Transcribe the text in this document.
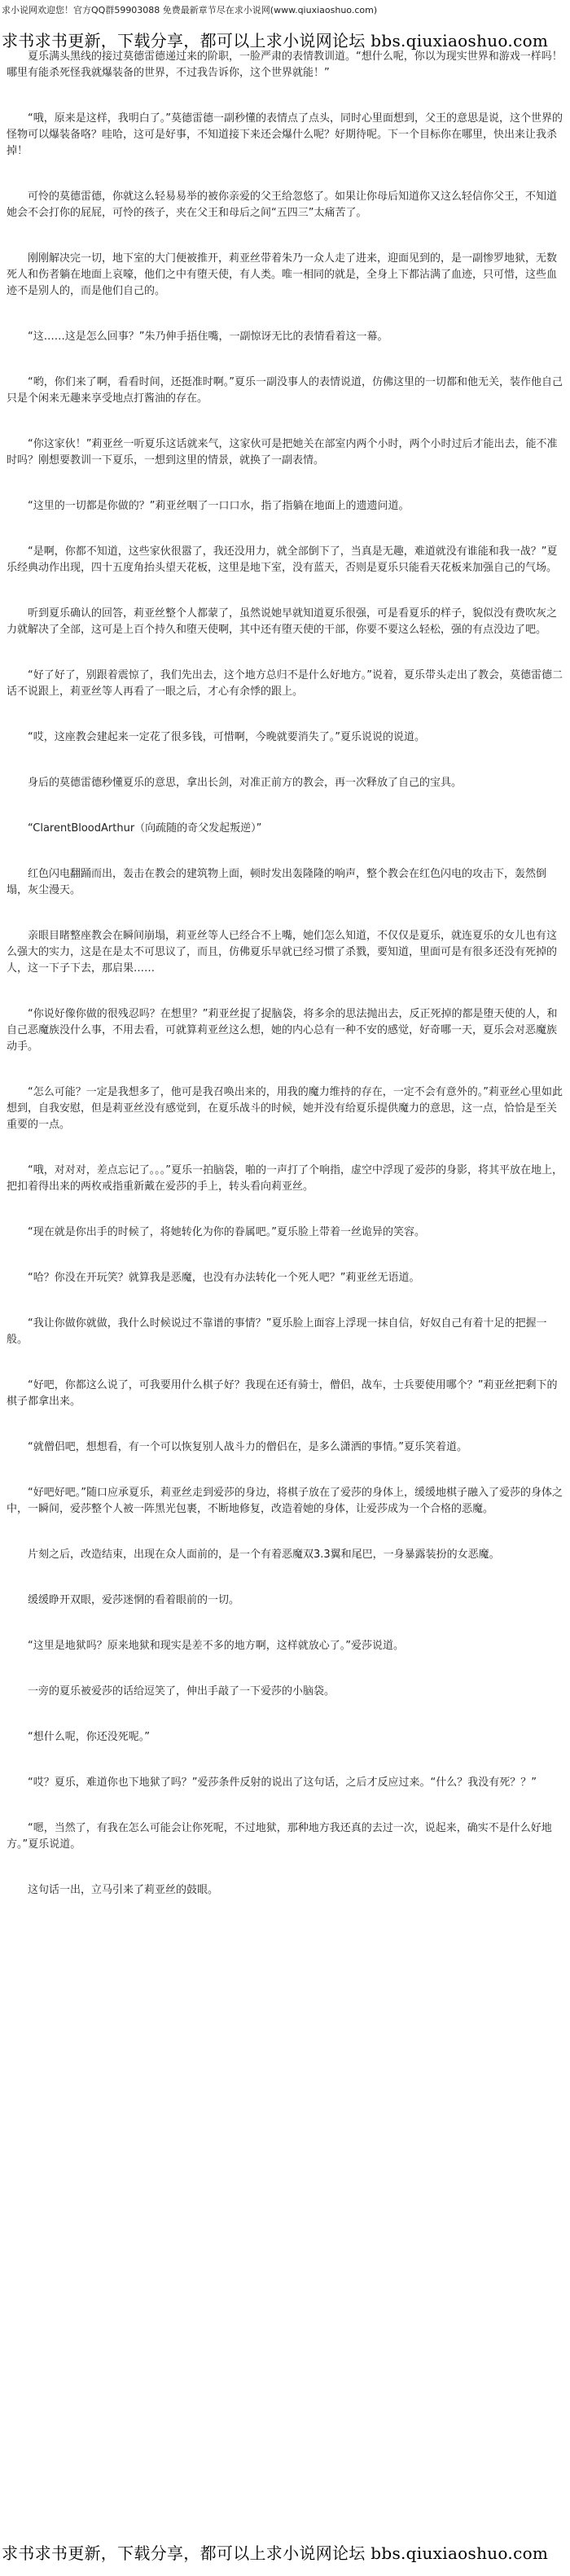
求小说网欢迎您！官方QQ群59903088 免费最新章节尽在求小说网(www.qiuxiaoshuo.com)
求书求书更新，下载分享，都可以上求小说网论坛 bbs.qiuxiaoshuo.com

夏乐满头黑线的接过莫德雷德递过来的阶职，一脸严肃的表情教训道。“想什么呢，你以为现实世界和游戏一样吗！哪里有能杀死怪我就爆装备的世界，不过我告诉你，这个世界就能！”

“哦，原来是这样，我明白了。”莫德雷德一副秒懂的表情点了点头，同时心里面想到，父王的意思是说，这个世界的怪物可以爆装备咯？哇哈，这可是好事，不知道接下来还会爆什么呢？好期待呢。下一个目标你在哪里，快出来让我杀掉！

可怜的莫德雷德，你就这么轻易易举的被你亲爱的父王给忽悠了。如果让你母后知道你又这么轻信你父王，不知道她会不会打你的屁屁，可怜的孩子，夹在父王和母后之间“五四三”太痛苦了。

刚刚解决完一切，地下室的大门便被推开，莉亚丝带着朱乃一众人走了进来，迎面见到的，是一副惨罗地狱，无数死人和伤者躺在地面上哀嚎，他们之中有堕天使，有人类。唯一相同的就是，全身上下都沾满了血迹，只可惜，这些血迹不是别人的，而是他们自己的。

“这……这是怎么回事？”朱乃伸手捂住嘴，一副惊讶无比的表情看着这一幕。

“哟，你们来了啊，看看时间，还挺准时啊。”夏乐一副没事人的表情说道，仿佛这里的一切都和他无关，装作他自己只是个闲来无趣来享受地点打酱油的存在。

“你这家伙！”莉亚丝一听夏乐这话就来气，这家伙可是把她关在部室内两个小时，两个小时过后才能出去，能不准时吗？刚想要教训一下夏乐，一想到这里的情景，就换了一副表情。

“这里的一切都是你做的？”莉亚丝咽了一口口水，指了指躺在地面上的遗遗问道。

“是啊，你都不知道，这些家伙很嚣了，我还没用力，就全部倒下了，当真是无趣，难道就没有谁能和我一战？”夏乐经典动作出现，四十五度角抬头望天花板，这里是地下室，没有蓝天，否则是夏乐只能看天花板来加强自己的气场。

听到夏乐确认的回答，莉亚丝整个人都蒙了，虽然说她早就知道夏乐很强，可是看夏乐的样子，貌似没有费吹灰之力就解决了全部，这可是上百个持久和堕天使啊，其中还有堕天使的干部，你要不要这么轻松，强的有点没边了吧。

“好了好了，别跟着震惊了，我们先出去，这个地方总归不是什么好地方。”说着，夏乐带头走出了教会，莫德雷德二话不说跟上，莉亚丝等人再看了一眼之后，才心有余悸的跟上。

“哎，这座教会建起来一定花了很多钱，可惜啊，今晚就要消失了。”夏乐说说的说道。

身后的莫德雷德秒懂夏乐的意思，拿出长剑，对准正前方的教会，再一次释放了自己的宝具。

“ClarentBloodArthur（向疏随的奇父发起叛逆）”

红色闪电翻踊而出，轰击在教会的建筑物上面，顿时发出轰隆隆的响声，整个教会在红色闪电的攻击下，轰然倒塌，灰尘漫天。

亲眼目睹整座教会在瞬间崩塌，莉亚丝等人已经合不上嘴，她们怎么知道，不仅仅是夏乐，就连夏乐的女儿也有这么强大的实力，这是在是太不可思议了，而且，仿佛夏乐早就已经习惯了杀戮，要知道，里面可是有很多还没有死掉的人，这一下子下去，那启果……

“你说好像你做的很残忍吗？在想里？”莉亚丝捉了捉脑袋，将多余的思法抛出去，反正死掉的都是堕天使的人，和自己恶魔族没什么事，不用去看，可就算莉亚丝这么想，她的内心总有一种不安的感觉，好奇哪一天，夏乐会对恶魔族动手。

“怎么可能？一定是我想多了，他可是我召唤出来的，用我的魔力维持的存在，一定不会有意外的。”莉亚丝心里如此想到，自我安慰，但是莉亚丝没有感觉到，在夏乐战斗的时候，她并没有给夏乐提供魔力的意思，这一点，恰恰是至关重要的一点。

“哦，对对对，差点忘记了。。。”夏乐一拍脑袋，啪的一声打了个响指，虚空中浮现了爱莎的身影，将其平放在地上，把扣着得出来的两枚戒指重新戴在爱莎的手上，转头看向莉亚丝。

“现在就是你出手的时候了，将她转化为你的眷属吧。”夏乐脸上带着一丝诡异的笑容。

“哈？你没在开玩笑？就算我是恶魔，也没有办法转化一个死人吧？”莉亚丝无语道。

“我让你做你就做，我什么时候说过不靠谱的事情？”夏乐脸上面容上浮现一抹自信，好奴自己有着十足的把握一般。

“好吧，你都这么说了，可我要用什么棋子好？我现在还有骑士，僧侣，战车，士兵要使用哪个？”莉亚丝把剩下的棋子都拿出来。

“就僧侣吧，想想看，有一个可以恢复别人战斗力的僧侣在，是多么潇洒的事情。”夏乐笑着道。

“好吧好吧。”随口应承夏乐，莉亚丝走到爱莎的身边，将棋子放在了爱莎的身体上，缓缓地棋子融入了爱莎的身体之中，一瞬间，爱莎整个人被一阵黑光包裹，不断地修复，改造着她的身体，让爱莎成为一个合格的恶魔。

片刻之后，改造结束，出现在众人面前的，是一个有着恶魔双3.3翼和尾巴，一身暴露装扮的女恶魔。

缓缓睁开双眼，爱莎迷惘的看着眼前的一切。

“这里是地狱吗？原来地狱和现实是差不多的地方啊，这样就放心了。”爱莎说道。

一旁的夏乐被爱莎的话给逗笑了，伸出手敲了一下爱莎的小脑袋。

“想什么呢，你还没死呢。”

“哎？夏乐，难道你也下地狱了吗？”爱莎条件反射的说出了这句话，之后才反应过来。“什么？我没有死？？”

“嗯，当然了，有我在怎么可能会让你死呢，不过地狱，那种地方我还真的去过一次，说起来，确实不是什么好地方。”夏乐说道。

这句话一出，立马引来了莉亚丝的鼓眼。

求书求书更新，下载分享，都可以上求小说网论坛 bbs.qiuxiaoshuo.com
